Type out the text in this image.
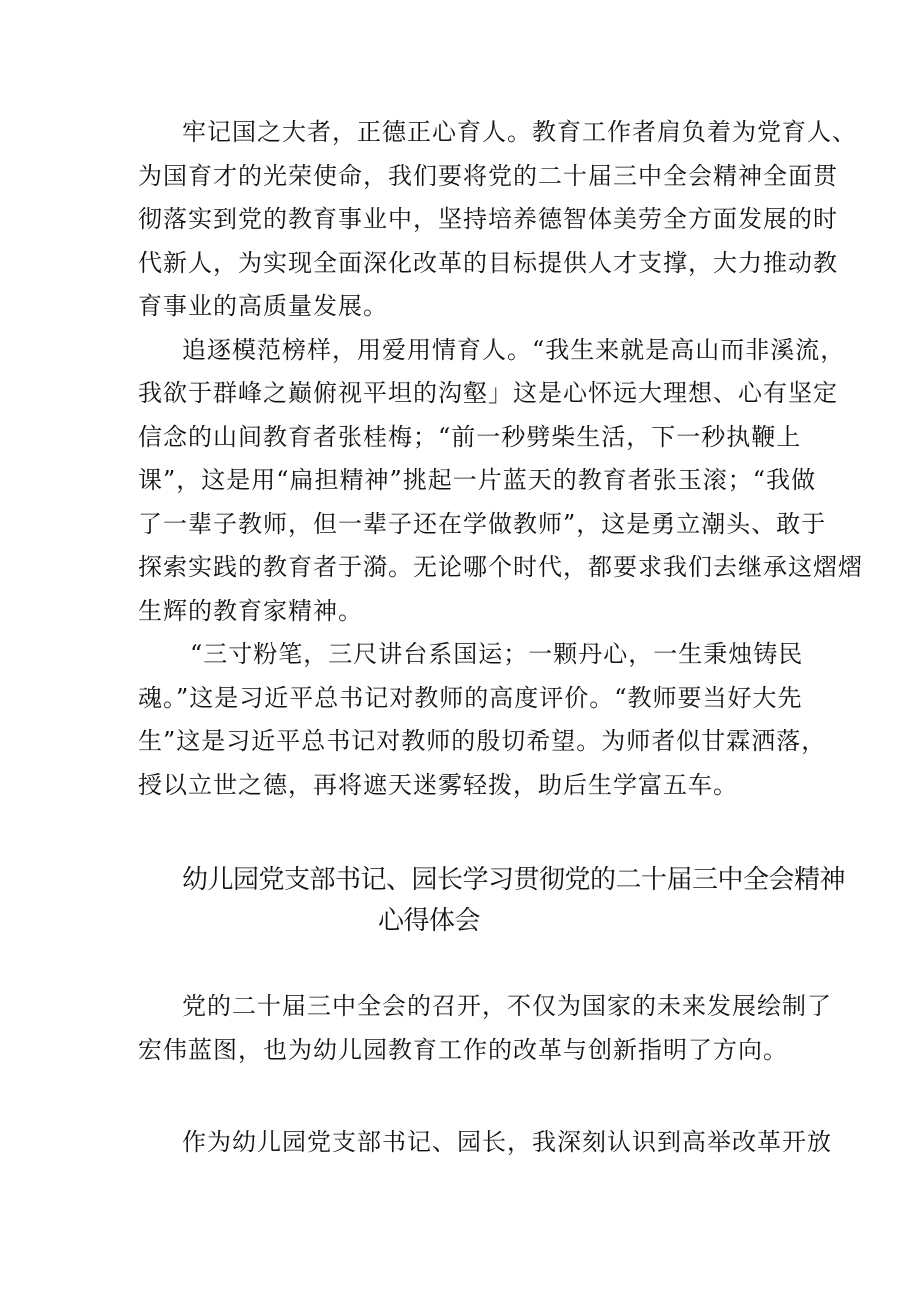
牢记国之大者，正德正心育人。教育工作者肩负着为党育人、
为国育才的光荣使命，我们要将党的二十届三中全会精神全面贯
彻落实到党的教育事业中，坚持培养德智体美劳全方面发展的时
代新人，为实现全面深化改革的目标提供人才支撑，大力推动教
育事业的高质量发展。
追逐模范榜样，用爱用情育人。“我生来就是高山而非溪流，
我欲于群峰之巅俯视平坦的沟壑」这是心怀远大理想、心有坚定
信念的山间教育者张桂梅；“前一秒劈柴生活，下一秒执鞭上
课”，这是用“扁担精神”挑起一片蓝天的教育者张玉滚；“我做
了一辈子教师，但一辈子还在学做教师”，这是勇立潮头、敢于
探索实践的教育者于漪。无论哪个时代，都要求我们去继承这熠熠
生辉的教育家精神。
“三寸粉笔，三尺讲台系国运；一颗丹心，一生秉烛铸民
魂。”这是习近平总书记对教师的高度评价。“教师要当好大先
生”这是习近平总书记对教师的殷切希望。为师者似甘霖洒落，
授以立世之德，再将遮天迷雾轻拨，助后生学富五车。
幼儿园党支部书记、园长学习贯彻党的二十届三中全会精神
心得体会
党的二十届三中全会的召开，不仅为国家的未来发展绘制了
宏伟蓝图，也为幼儿园教育工作的改革与创新指明了方向。
作为幼儿园党支部书记、园长，我深刻认识到高举改革开放
